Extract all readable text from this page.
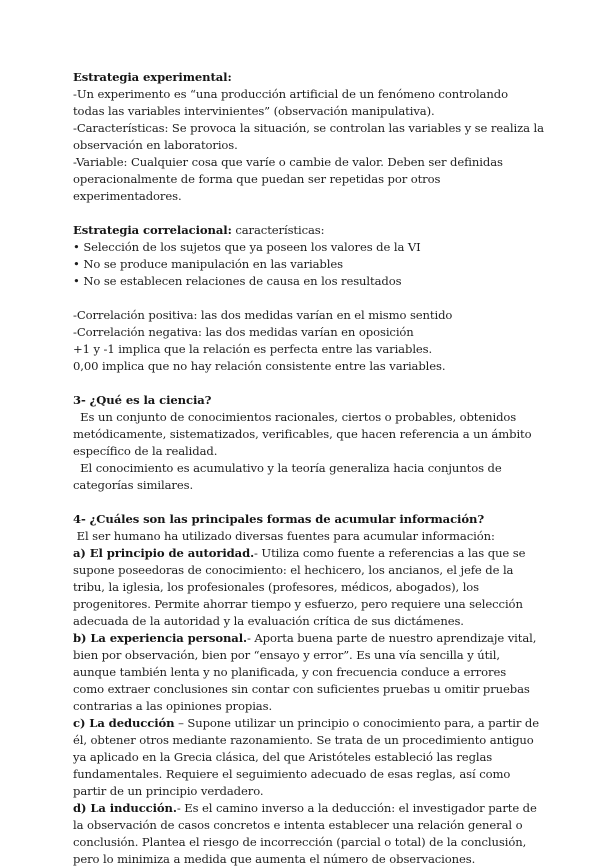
Estrategia experimental:

-Un experimento es “una producción artificial de un fenómeno controlando

todas las variables intervinientes” (observación manipulativa).

-Características: Se provoca la situación, se controlan las variables y se realiza la

observación en laboratorios.

-Variable: Cualquier cosa que varíe o cambie de valor. Deben ser definidas

operacionalmente de forma que puedan ser repetidas por otros

experimentadores.

Estrategia correlacional: características:

• Selección de los sujetos que ya poseen los valores de la VI

• No se produce manipulación en las variables

• No se establecen relaciones de causa en los resultados

-Correlación positiva: las dos medidas varían en el mismo sentido

-Correlación negativa: las dos medidas varían en oposición

+1 y -1 implica que la relación es perfecta entre las variables.

0,00 implica que no hay relación consistente entre las variables.

3- ¿Qué es la ciencia?

Es un conjunto de conocimientos racionales, ciertos o probables, obtenidos

metódicamente, sistematizados, verificables, que hacen referencia a un ámbito

específico de la realidad.

El conocimiento es acumulativo y la teoría generaliza hacia conjuntos de

categorías similares.

4- ¿Cuáles son las principales formas de acumular información?

El ser humano ha utilizado diversas fuentes para acumular información:

a) El principio de autoridad.- Utiliza como fuente a referencias a las que se

supone poseedoras de conocimiento: el hechicero, los ancianos, el jefe de la

tribu, la iglesia, los profesionales (profesores, médicos, abogados), los

progenitores. Permite ahorrar tiempo y esfuerzo, pero requiere una selección

adecuada de la autoridad y la evaluación crítica de sus dictámenes.

b) La experiencia personal.- Aporta buena parte de nuestro aprendizaje vital,

bien por observación, bien por “ensayo y error”. Es una vía sencilla y útil,

aunque también lenta y no planificada, y con frecuencia conduce a errores

como extraer conclusiones sin contar con suficientes pruebas u omitir pruebas

contrarias a las opiniones propias.

c) La deducción – Supone utilizar un principio o conocimiento para, a partir de

él, obtener otros mediante razonamiento. Se trata de un procedimiento antiguo

ya aplicado en la Grecia clásica, del que Aristóteles estableció las reglas

fundamentales. Requiere el seguimiento adecuado de esas reglas, así como

partir de un principio verdadero.

d) La inducción.- Es el camino inverso a la deducción: el investigador parte de

la observación de casos concretos e intenta establecer una relación general o

conclusión. Plantea el riesgo de incorrección (parcial o total) de la conclusión,

pero lo minimiza a medida que aumenta el número de observaciones.
